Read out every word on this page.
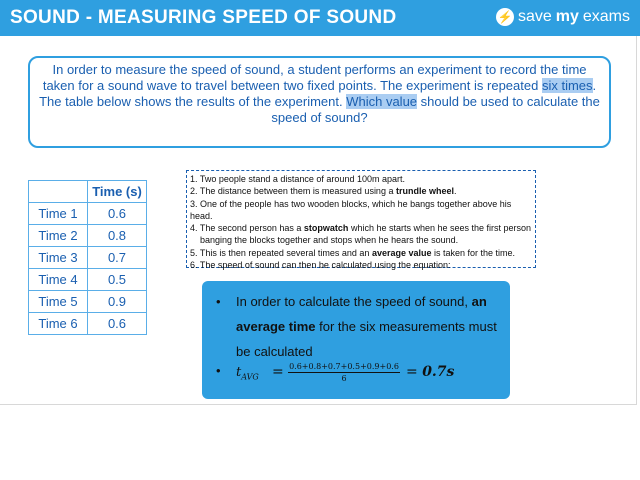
SOUND - MEASURING SPEED OF SOUND	⚡ save my exams
In order to measure the speed of sound, a student performs an experiment to record the time taken for a sound wave to travel between two fixed points. The experiment is repeated six times. The table below shows the results of the experiment. Which value should be used to calculate the speed of sound?
	Time (s)
Time 1	0.6
Time 2	0.8
Time 3	0.7
Time 4	0.5
Time 5	0.9
Time 6	0.6
1. Two people stand a distance of around 100m apart.
2. The distance between them is measured using a trundle wheel.
3. One of the people has two wooden blocks, which he bangs together above his head.
4. The second person has a stopwatch which he starts when he sees the first person
banging the blocks together and stops when he hears the sound.
5. This is then repeated several times and an average value is taken for the time.
6. The speed of sound can then be calculated using the equation:
• In order to calculate the speed of sound, an average time for the six measurements must be calculated
• $t_{AVG} = \frac{0.6+0.8+0.7+0.5+0.9+0.6}{6} = 0.7s$
